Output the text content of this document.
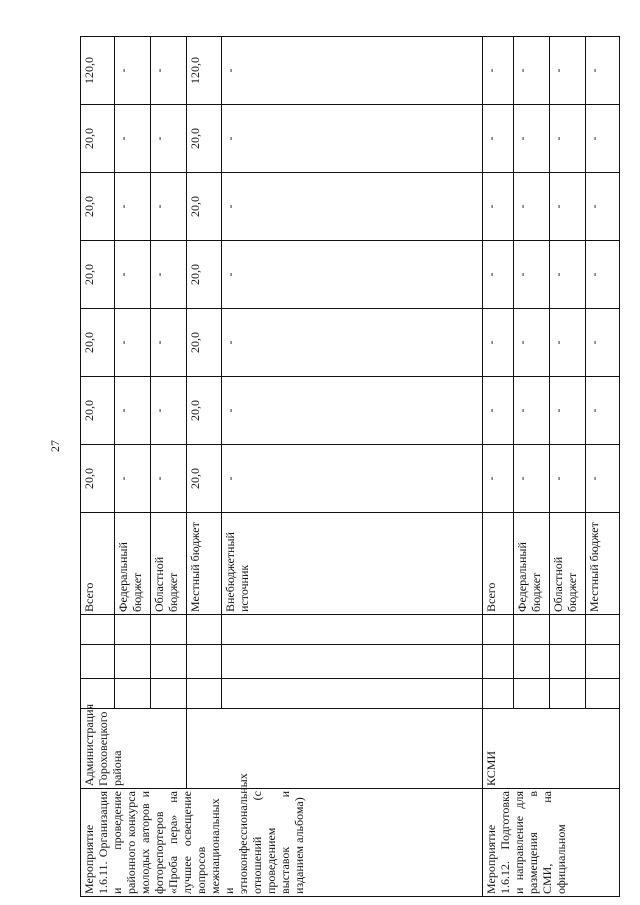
27
Мероприятие 1.6.11. Организация и проведение районного конкурса молодых авторов и фоторепортеров «Проба пера» на лучшее освещение вопросов межнациональных и этноконфессиональных отношений (с проведением выставок и изданием альбома)	Администрация Гороховецкого района				Всего	20,0	20,0	20,0	20,0	20,0	20,0	120,0
					Федеральный бюджет	-	-	-	-	-	-	-
					Областной бюджет	-	-	-	-	-	-	-
					Местный бюджет	20,0	20,0	20,0	20,0	20,0	20,0	120,0
					Внебюджетный источник	-	-	-	-	-	-	-
Мероприятие 1.6.12. Подготовка и направление для размещения в СМИ, на официальном	КСМИ				Всего	-	-	-	-	-	-	-
					Федеральный бюджет	-	-	-	-	-	-	-
					Областной бюджет	-	-	-	-	-	-	-
					Местный бюджет	-	-	-	-	-	-	-
